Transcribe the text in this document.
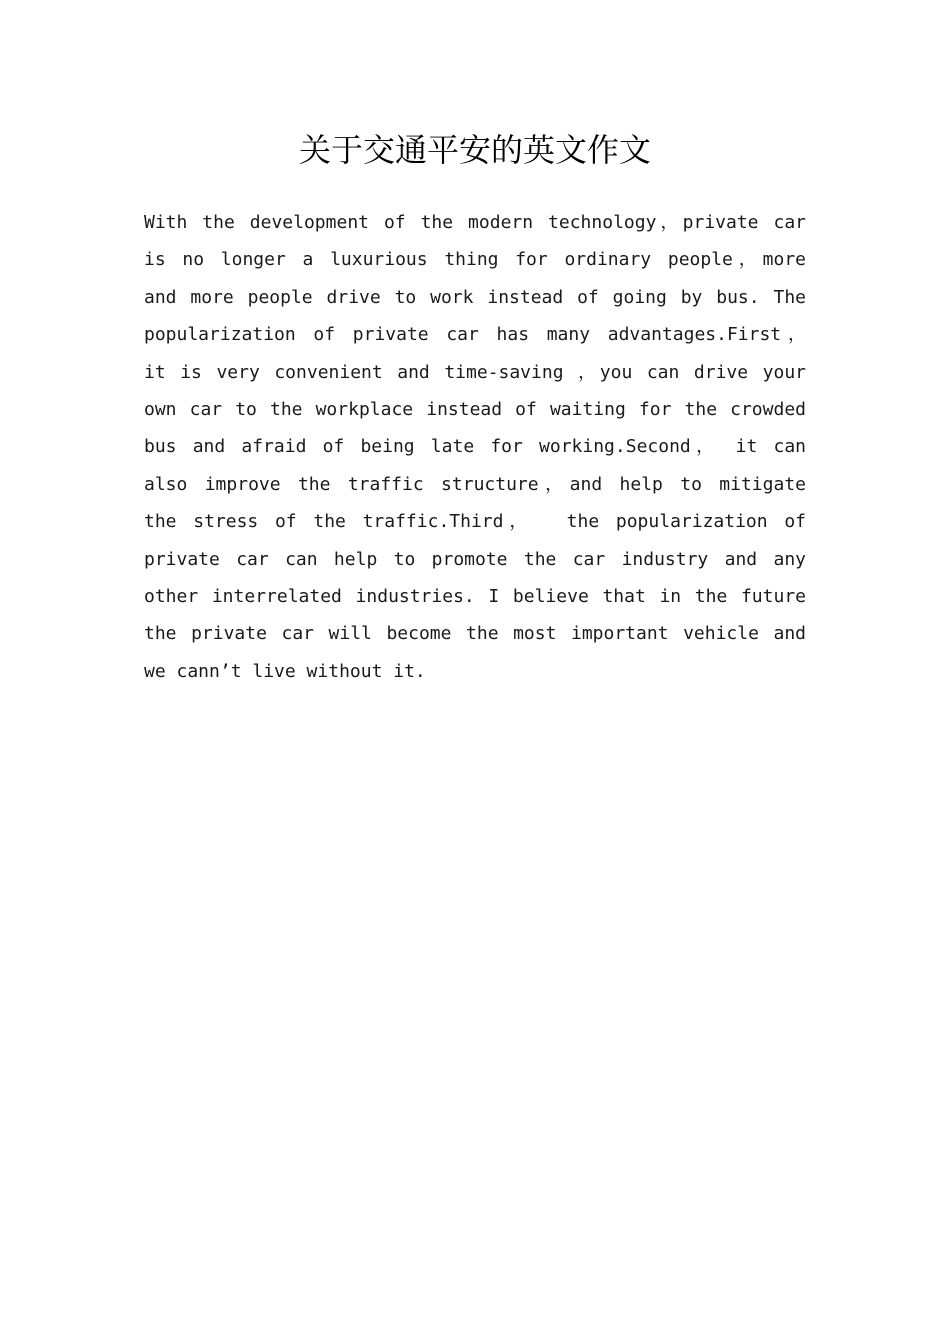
关于交通平安的英文作文
With the development of the modern technology，private car
is no longer a luxurious thing for ordinary people，more
and more people drive to work instead of going by bus. The
popularization of private car has many advantages.First，
it is very convenient and time-saving ，you can drive your
own car to the workplace instead of waiting for the crowded
bus and afraid of being late for working.Second， it can
also improve the traffic structure，and help to mitigate
the stress of the traffic.Third，  the popularization of
private car can help to promote the car industry and any
other interrelated industries. I believe that in the future
the private car will become the most important vehicle and
we cann’t live without it.
